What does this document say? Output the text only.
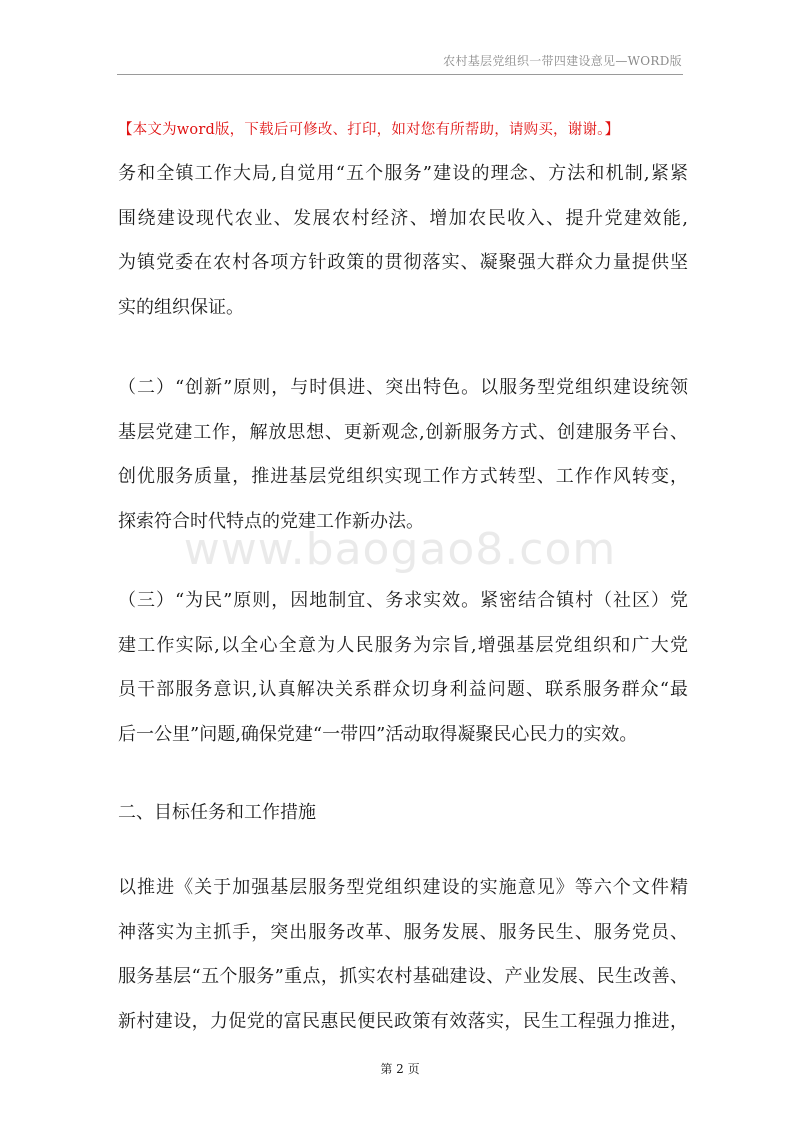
农村基层党组织一带四建设意见—WORD版
【本文为word版，下载后可修改、打印，如对您有所帮助，请购买，谢谢。】
务和全镇工作大局,自觉用“五个服务”建设的理念、方法和机制,紧紧
围绕建设现代农业、发展农村经济、增加农民收入、提升党建效能,
为镇党委在农村各项方针政策的贯彻落实、凝聚强大群众力量提供坚
实的组织保证。
（二）“创新”原则，与时俱进、突出特色。以服务型党组织建设统领
基层党建工作，解放思想、更新观念,创新服务方式、创建服务平台、
创优服务质量，推进基层党组织实现工作方式转型、工作作风转变，
探索符合时代特点的党建工作新办法。
www.baogao8.com
（三）“为民”原则，因地制宜、务求实效。紧密结合镇村（社区）党
建工作实际,以全心全意为人民服务为宗旨,增强基层党组织和广大党
员干部服务意识,认真解决关系群众切身利益问题、联系服务群众“最
后一公里”问题,确保党建“一带四”活动取得凝聚民心民力的实效。
二、目标任务和工作措施
以推进《关于加强基层服务型党组织建设的实施意见》等六个文件精
神落实为主抓手，突出服务改革、服务发展、服务民生、服务党员、
服务基层“五个服务”重点，抓实农村基础建设、产业发展、民生改善、
新村建设，力促党的富民惠民便民政策有效落实，民生工程强力推进，
第 2 页
